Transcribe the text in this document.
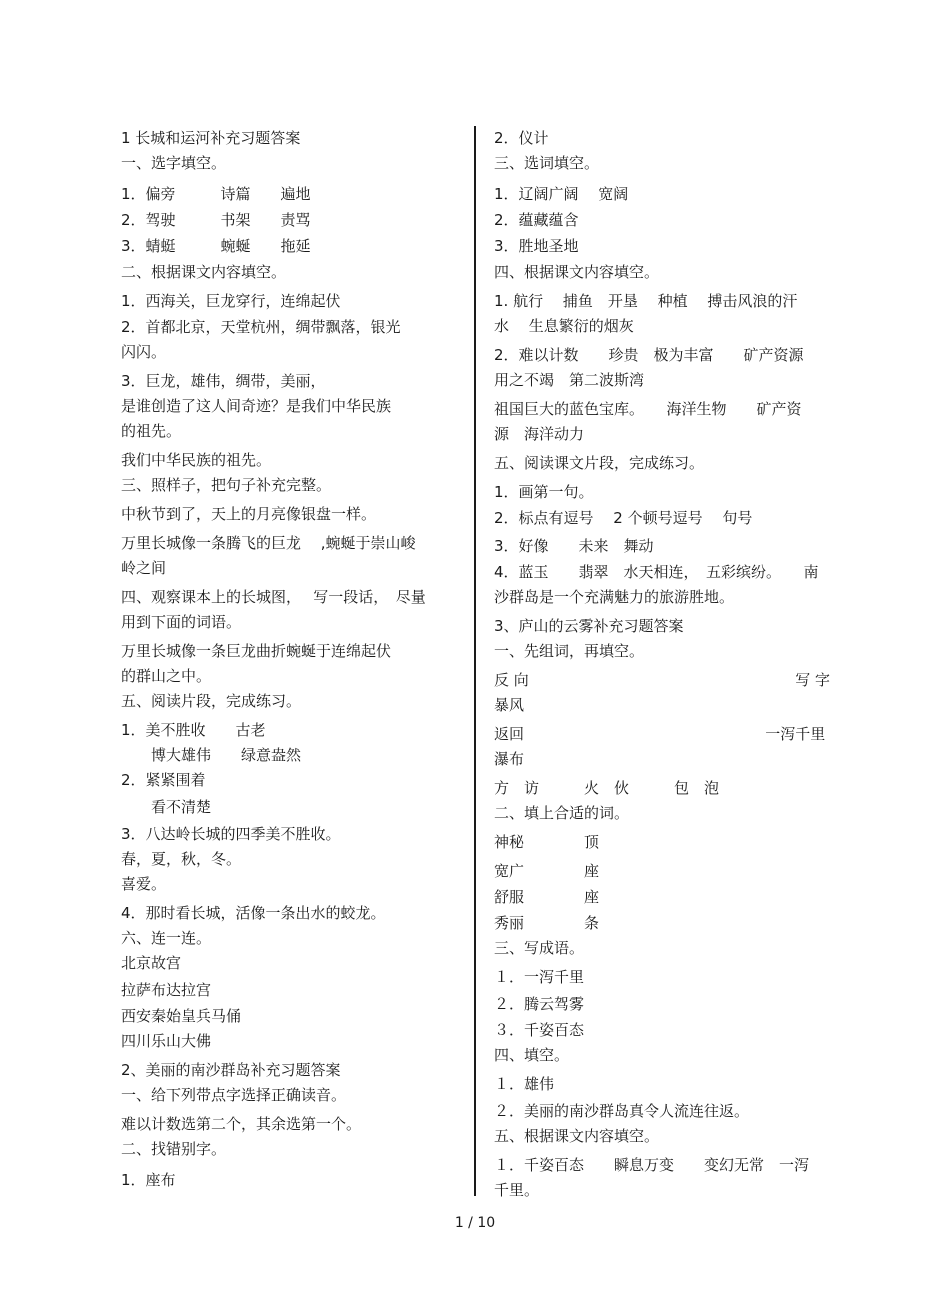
1 长城和运河补充习题答案
一、选字填空。
1．偏旁　　　诗篇　　遍地
2．驾驶　　　书架　　责骂
3．蜻蜓　　　蜿蜒　　拖延
二、根据课文内容填空。
1．西海关，巨龙穿行，连绵起伏
2．首都北京，天堂杭州，绸带飘落，银光
闪闪。
3．巨龙，雄伟，绸带，美丽，
是谁创造了这人间奇迹？是我们中华民族
的祖先。
我们中华民族的祖先。
三、照样子，把句子补充完整。
中秋节到了，天上的月亮像银盘一样。
万里长城像一条腾飞的巨龙　 ,蜿蜒于崇山峻
岭之间
四、观察课本上的长城图，　 写一段话，　尽量
用到下面的词语。
万里长城像一条巨龙曲折蜿蜒于连绵起伏
的群山之中。
五、阅读片段，完成练习。
1．美不胜收　　古老
　　博大雄伟　　绿意盎然
2．紧紧围着
　　看不清楚
3．八达岭长城的四季美不胜收。
春，夏，秋，冬。
喜爱。
4．那时看长城，活像一条出水的蛟龙。
六、连一连。
北京故宫
拉萨布达拉宫
西安秦始皇兵马俑
四川乐山大佛
2、美丽的南沙群岛补充习题答案
一、给下列带点字选择正确读音。
难以计数选第二个，其余选第一个。
二、找错别字。
1．座布
2．仪计
三、选词填空。
1．辽阔广阔　 宽阔
2．蕴藏蕴含
3．胜地圣地
四、根据课文内容填空。
1. 航行　 捕鱼　开垦　 种植　 搏击风浪的汗
水　 生息繁衍的烟灰
2．难以计数　　珍贵　极为丰富　　矿产资源
用之不竭　第二波斯湾
祖国巨大的蓝色宝库。　　海洋生物　　矿产资
源　海洋动力
五、阅读课文片段，完成练习。
1．画第一句。
2．标点有逗号　 2 个顿号逗号　 句号
3．好像　　未来　舞动
4．蓝玉　　翡翠　水天相连，　五彩缤纷。　　南
沙群岛是一个充满魅力的旅游胜地。
3、庐山的云雾补充习题答案
一、先组词，再填空。
反 向	写 字
暴风
返回	一泻千里
瀑布
方　访　　　火　伙　　　包　泡
二、填上合适的词。
神秘　　　　顶
宽广　　　　座
舒服　　　　座
秀丽　　　　条
三、写成语。
１．一泻千里
２．腾云驾雾
３．千姿百态
四、填空。
１．雄伟
２．美丽的南沙群岛真令人流连往返。
五、根据课文内容填空。
１．千姿百态　　瞬息万变　　变幻无常　一泻
千里。
1 / 10
